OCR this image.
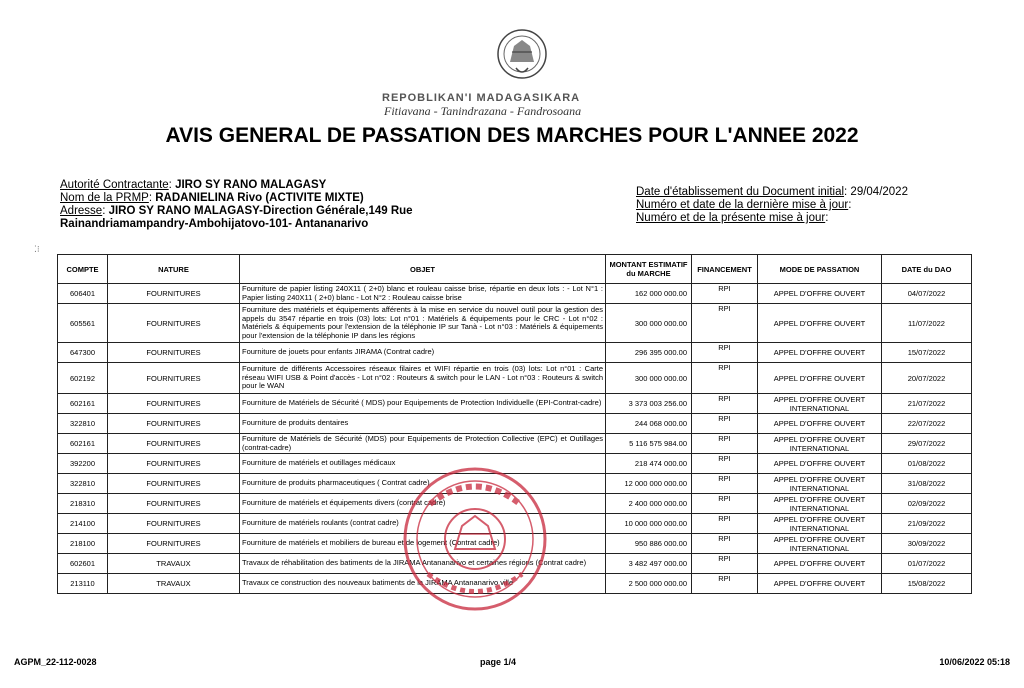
REPOBLIKAN'I MADAGASIKARA
Fitiavana - Tanindrazana - Fandrosoana
AVIS GENERAL DE PASSATION DES MARCHES POUR L'ANNEE 2022
Autorité Contractante: JIRO SY RANO MALAGASY
Nom de la PRMP: RADANIELINA Rivo (ACTIVITE MIXTE)
Adresse: JIRO SY RANO MALAGASY-Direction Générale,149 Rue Rainandriamampandry-Ambohijatovo-101- Antananarivo
Date d'établissement du Document initial: 29/04/2022
Numéro et date de la dernière mise à jour:
Numéro et de la présente mise à jour:
⁚⁝
COMPTE	NATURE	OBJET	MONTANT ESTIMATIF du MARCHE	FINANCEMENT	MODE DE PASSATION	DATE du DAO
606401	FOURNITURES	Fourniture de papier listing 240X11 ( 2+0) blanc et rouleau caisse brise, répartie en deux lots : - Lot N°1 : Papier listing 240X11 ( 2+0) blanc - Lot N°2 : Rouleau caisse brise	162 000 000.00	RPI	APPEL D'OFFRE OUVERT	04/07/2022
605561	FOURNITURES	Fourniture des matériels et équipements afférents à la mise en service du nouvel outil pour la gestion des appels du 3547 répartie en trois (03) lots: Lot n°01 : Matériels & équipements pour le CRC - Lot n°02 : Matériels & équipements pour l'extension de la téléphonie IP sur Tanà - Lot n°03 : Matériels & équipements pour l'extension de la téléphonie IP dans les régions	300 000 000.00	RPI	APPEL D'OFFRE OUVERT	11/07/2022
647300	FOURNITURES	Fourniture de jouets pour enfants JIRAMA (Contrat cadre)	296 395 000.00	RPI	APPEL D'OFFRE OUVERT	15/07/2022
602192	FOURNITURES	Fourniture de différents Accessoires réseaux filaires et WIFI répartie en trois (03) lots: Lot n°01 : Carte réseau WIFI USB & Point d'accès - Lot n°02 : Routeurs & switch pour le LAN - Lot n°03 : Routeurs & switch pour le WAN	300 000 000.00	RPI	APPEL D'OFFRE OUVERT	20/07/2022
602161	FOURNITURES	Fourniture de Matériels de Sécurité ( MDS) pour Equipements de Protection Individuelle (EPI-Contrat-cadre)	3 373 003 256.00	RPI	APPEL D'OFFRE OUVERT INTERNATIONAL	21/07/2022
322810	FOURNITURES	Fourniture de produits dentaires	244 068 000.00	RPI	APPEL D'OFFRE OUVERT	22/07/2022
602161	FOURNITURES	Fourniture de Matériels de Sécurité (MDS) pour Equipements de Protection Collective (EPC) et Outillages (contrat-cadre)	5 116 575 984.00	RPI	APPEL D'OFFRE OUVERT INTERNATIONAL	29/07/2022
392200	FOURNITURES	Fourniture de matériels et outillages médicaux	218 474 000.00	RPI	APPEL D'OFFRE OUVERT	01/08/2022
322810	FOURNITURES	Fourniture de produits pharmaceutiques ( Contrat cadre)	12 000 000 000.00	RPI	APPEL D'OFFRE OUVERT INTERNATIONAL	31/08/2022
218310	FOURNITURES	Fourniture de matériels et équipements divers (contrat cadre)	2 400 000 000.00	RPI	APPEL D'OFFRE OUVERT INTERNATIONAL	02/09/2022
214100	FOURNITURES	Fourniture de matériels roulants (contrat cadre)	10 000 000 000.00	RPI	APPEL D'OFFRE OUVERT INTERNATIONAL	21/09/2022
218100	FOURNITURES	Fourniture de matériels et mobiliers de bureau et de logement (Contrat cadre)	950 886 000.00	RPI	APPEL D'OFFRE OUVERT INTERNATIONAL	30/09/2022
602601	TRAVAUX	Travaux de réhabilitation des batiments de la JIRAMA Antananarivo et certaines régions (Contrat cadre)	3 482 497 000.00	RPI	APPEL D'OFFRE OUVERT	01/07/2022
213110	TRAVAUX	Travaux ce construction des nouveaux batiments de la JIRAMA Antananarivo ville	2 500 000 000.00	RPI	APPEL D'OFFRE OUVERT	15/08/2022
AGPM_22-112-0028	page 1/4	10/06/2022 05:18
